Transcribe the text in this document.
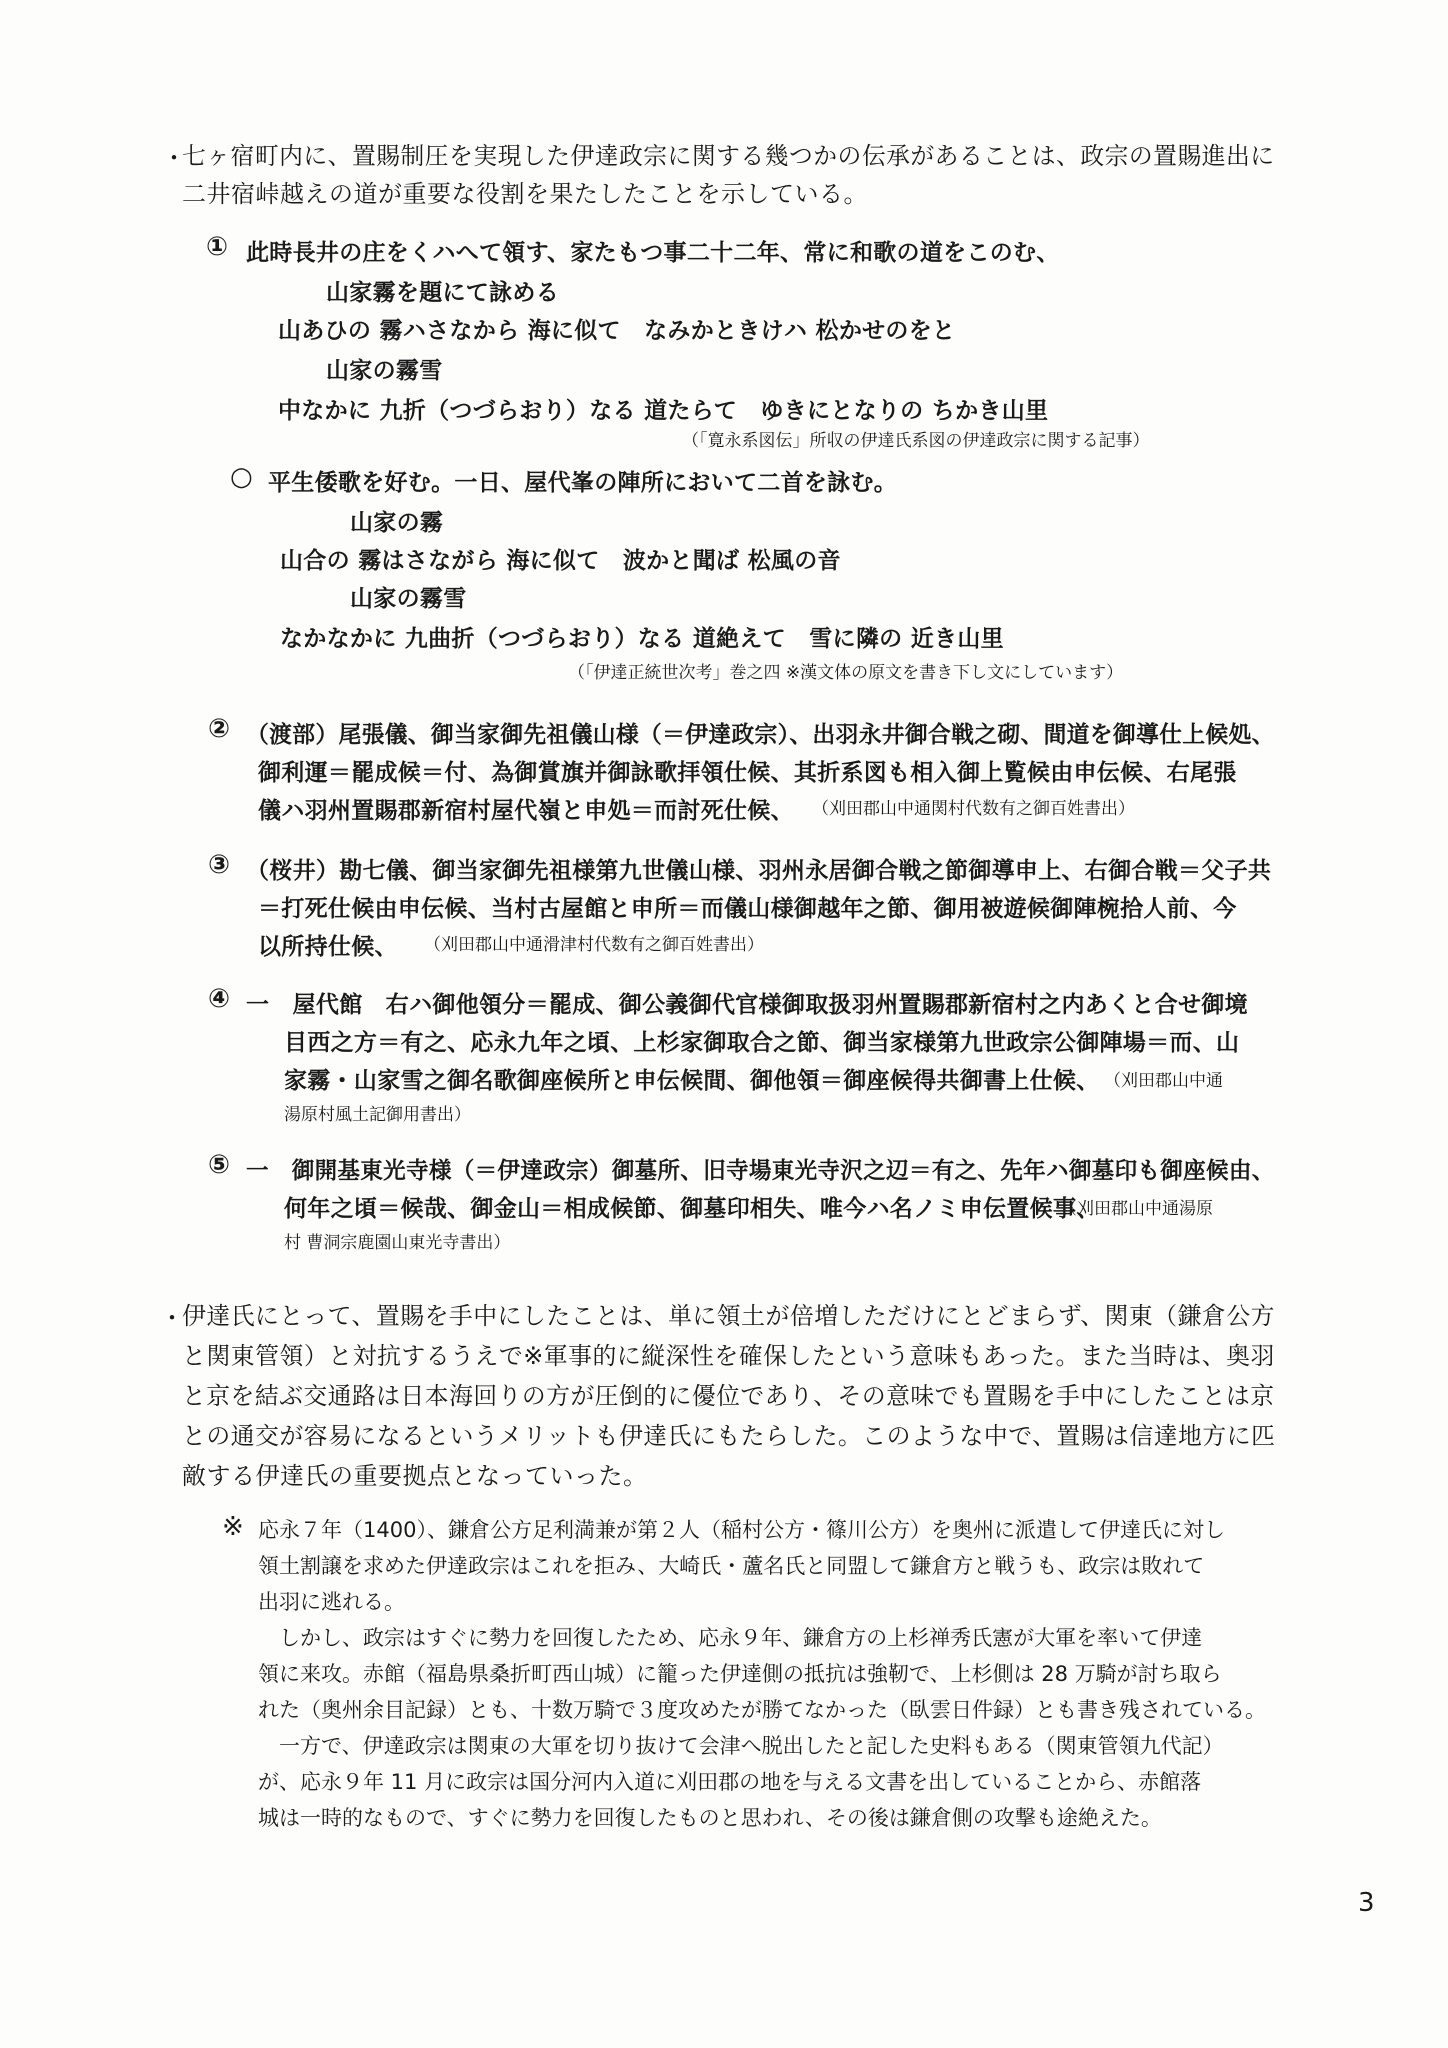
・
七ヶ宿町内に、置賜制圧を実現した伊達政宗に関する幾つかの伝承があることは、政宗の置賜進出に
二井宿峠越えの道が重要な役割を果たしたことを示している。
① 此時長井の庄をくハへて領す、家たもつ事二十二年、常に和歌の道をこのむ、
山家霧を題にて詠める
山あひの 霧ハさなから 海に似て　なみかときけハ 松かせのをと
山家の霧雪
中なかに 九折（つづらおり）なる 道たらて　ゆきにとなりの ちかき山里
（「寛永系図伝」所収の伊達氏系図の伊達政宗に関する記事）
○ 平生倭歌を好む。一日、屋代峯の陣所において二首を詠む。
山家の霧
山合の 霧はさながら 海に似て　波かと聞ば 松風の音
山家の霧雪
なかなかに 九曲折（つづらおり）なる 道絶えて　雪に隣の 近き山里
（「伊達正統世次考」巻之四 ※漢文体の原文を書き下し文にしています）
② （渡部）尾張儀、御当家御先祖儀山様（＝伊達政宗）、出羽永井御合戦之砌、間道を御導仕上候処、
御利運＝罷成候＝付、為御賞旗并御詠歌拝領仕候、其折系図も相入御上覧候由申伝候、右尾張
儀ハ羽州置賜郡新宿村屋代嶺と申処＝而討死仕候、 （刈田郡山中通関村代数有之御百姓書出）
③ （桜井）勘七儀、御当家御先祖様第九世儀山様、羽州永居御合戦之節御導申上、右御合戦＝父子共
＝打死仕候由申伝候、当村古屋館と申所＝而儀山様御越年之節、御用被遊候御陣椀拾人前、今
以所持仕候、 （刈田郡山中通滑津村代数有之御百姓書出）
④ 一　屋代館　右ハ御他領分＝罷成、御公義御代官様御取扱羽州置賜郡新宿村之内あくと合せ御境
目西之方＝有之、応永九年之頃、上杉家御取合之節、御当家様第九世政宗公御陣場＝而、山
家霧・山家雪之御名歌御座候所と申伝候間、御他領＝御座候得共御書上仕候、 （刈田郡山中通
湯原村風土記御用書出）
⑤ 一　御開基東光寺様（＝伊達政宗）御墓所、旧寺場東光寺沢之辺＝有之、先年ハ御墓印も御座候由、
何年之頃＝候哉、御金山＝相成候節、御墓印相失、唯今ハ名ノミ申伝置候事、
（刈田郡山中通湯原
村 曹洞宗鹿園山東光寺書出）
・
伊達氏にとって、置賜を手中にしたことは、単に領土が倍増しただけにとどまらず、関東（鎌倉公方
と関東管領）と対抗するうえで※軍事的に縦深性を確保したという意味もあった。また当時は、奥羽
と京を結ぶ交通路は日本海回りの方が圧倒的に優位であり、その意味でも置賜を手中にしたことは京
との通交が容易になるというメリットも伊達氏にもたらした。このような中で、置賜は信達地方に匹
敵する伊達氏の重要拠点となっていった。
※ 応永７年（1400）、鎌倉公方足利満兼が第２人（稲村公方・篠川公方）を奥州に派遣して伊達氏に対し
領土割譲を求めた伊達政宗はこれを拒み、大崎氏・蘆名氏と同盟して鎌倉方と戦うも、政宗は敗れて
出羽に逃れる。
　しかし、政宗はすぐに勢力を回復したため、応永９年、鎌倉方の上杉禅秀氏憲が大軍を率いて伊達
領に来攻。赤館（福島県桑折町西山城）に籠った伊達側の抵抗は強靭で、上杉側は 28 万騎が討ち取ら
れた（奥州余目記録）とも、十数万騎で３度攻めたが勝てなかった（臥雲日件録）とも書き残されている。
　一方で、伊達政宗は関東の大軍を切り抜けて会津へ脱出したと記した史料もある（関東管領九代記）
が、応永９年 11 月に政宗は国分河内入道に刈田郡の地を与える文書を出していることから、赤館落
城は一時的なもので、すぐに勢力を回復したものと思われ、その後は鎌倉側の攻撃も途絶えた。
3
